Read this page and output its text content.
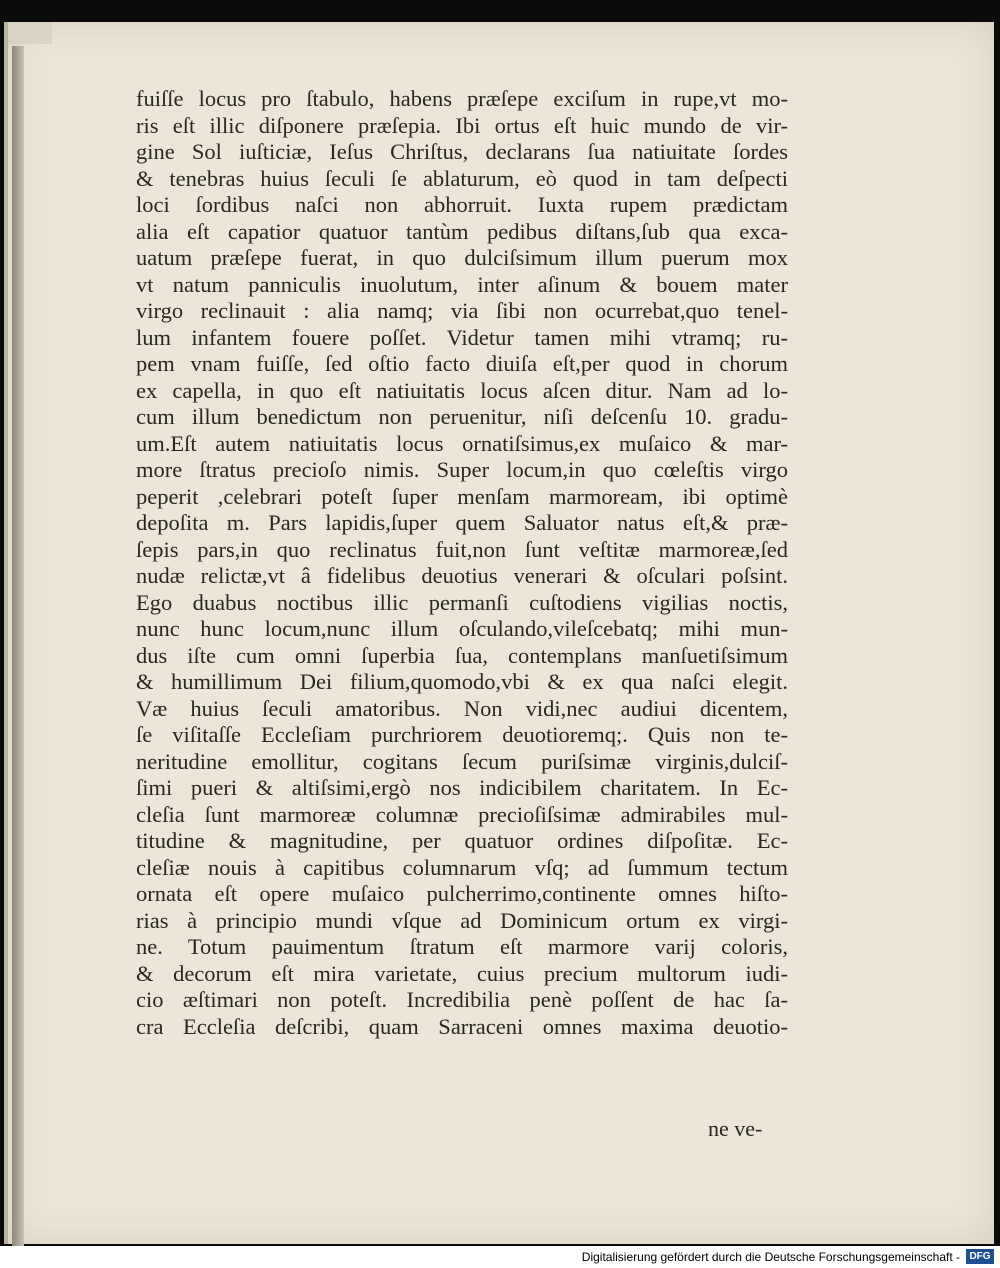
fuiſſe locus pro ſtabulo, habens præſepe exciſum in rupe,vt mo-
ris eſt illic diſponere præſepia. Ibi ortus eſt huic mundo de vir-
gine Sol iuſticiæ, Ieſus Chriſtus, declarans ſua natiuitate ſordes
& tenebras huius ſeculi ſe ablaturum, eò quod in tam deſpecti
loci ſordibus naſci non abhorruit. Iuxta rupem prædictam
alia eſt capatior quatuor tantùm pedibus diſtans,ſub qua exca-
uatum præſepe fuerat, in quo dulciſsimum illum puerum mox
vt natum panniculis inuolutum, inter aſinum & bouem mater
virgo reclinauit : alia namq; via ſibi non ocurrebat,quo tenel-
lum infantem fouere poſſet. Videtur tamen mihi vtramq; ru-
pem vnam fuiſſe, ſed oſtio facto diuiſa eſt,per quod in chorum
ex capella, in quo eſt natiuitatis locus aſcen ditur. Nam ad lo-
cum illum benedictum non peruenitur, niſi deſcenſu 10. gradu-
um.Eſt autem natiuitatis locus ornatiſsimus,ex muſaico & mar-
more ſtratus precioſo nimis. Super locum,in quo cœleſtis virgo
peperit ,celebrari poteſt ſuper menſam marmoream, ibi optimè
depoſita m. Pars lapidis,ſuper quem Saluator natus eſt,& præ-
ſepis pars,in quo reclinatus fuit,non ſunt veſtitæ marmoreæ,ſed
nudæ relictæ,vt â fidelibus deuotius venerari & oſculari poſsint.
Ego duabus noctibus illic permanſi cuſtodiens vigilias noctis,
nunc hunc locum,nunc illum oſculando,vileſcebatq; mihi mun-
dus iſte cum omni ſuperbia ſua, contemplans manſuetiſsimum
& humillimum Dei filium,quomodo,vbi & ex qua naſci elegit.
Væ huius ſeculi amatoribus. Non vidi,nec audiui dicentem,
ſe viſitaſſe Eccleſiam purchriorem deuotioremq;. Quis non te-
neritudine emollitur, cogitans ſecum puriſsimæ virginis,dulciſ-
ſimi pueri & altiſsimi,ergò nos indicibilem charitatem. In Ec-
cleſia ſunt marmoreæ columnæ precioſiſsimæ admirabiles mul-
titudine & magnitudine, per quatuor ordines diſpoſitæ. Ec-
cleſiæ nouis à capitibus columnarum vſq; ad ſummum tectum
ornata eſt opere muſaico pulcherrimo,continente omnes hiſto-
rias à principio mundi vſque ad Dominicum ortum ex virgi-
ne. Totum pauimentum ſtratum eſt marmore varij coloris,
& decorum eſt mira varietate, cuius precium multorum iudi-
cio æſtimari non poteſt. Incredibilia penè poſſent de hac ſa-
cra Eccleſia deſcribi, quam Sarraceni omnes maxima deuotio-
ne ve-
Digitalisierung gefördert durch die Deutsche Forschungsgemeinschaft - DFG
